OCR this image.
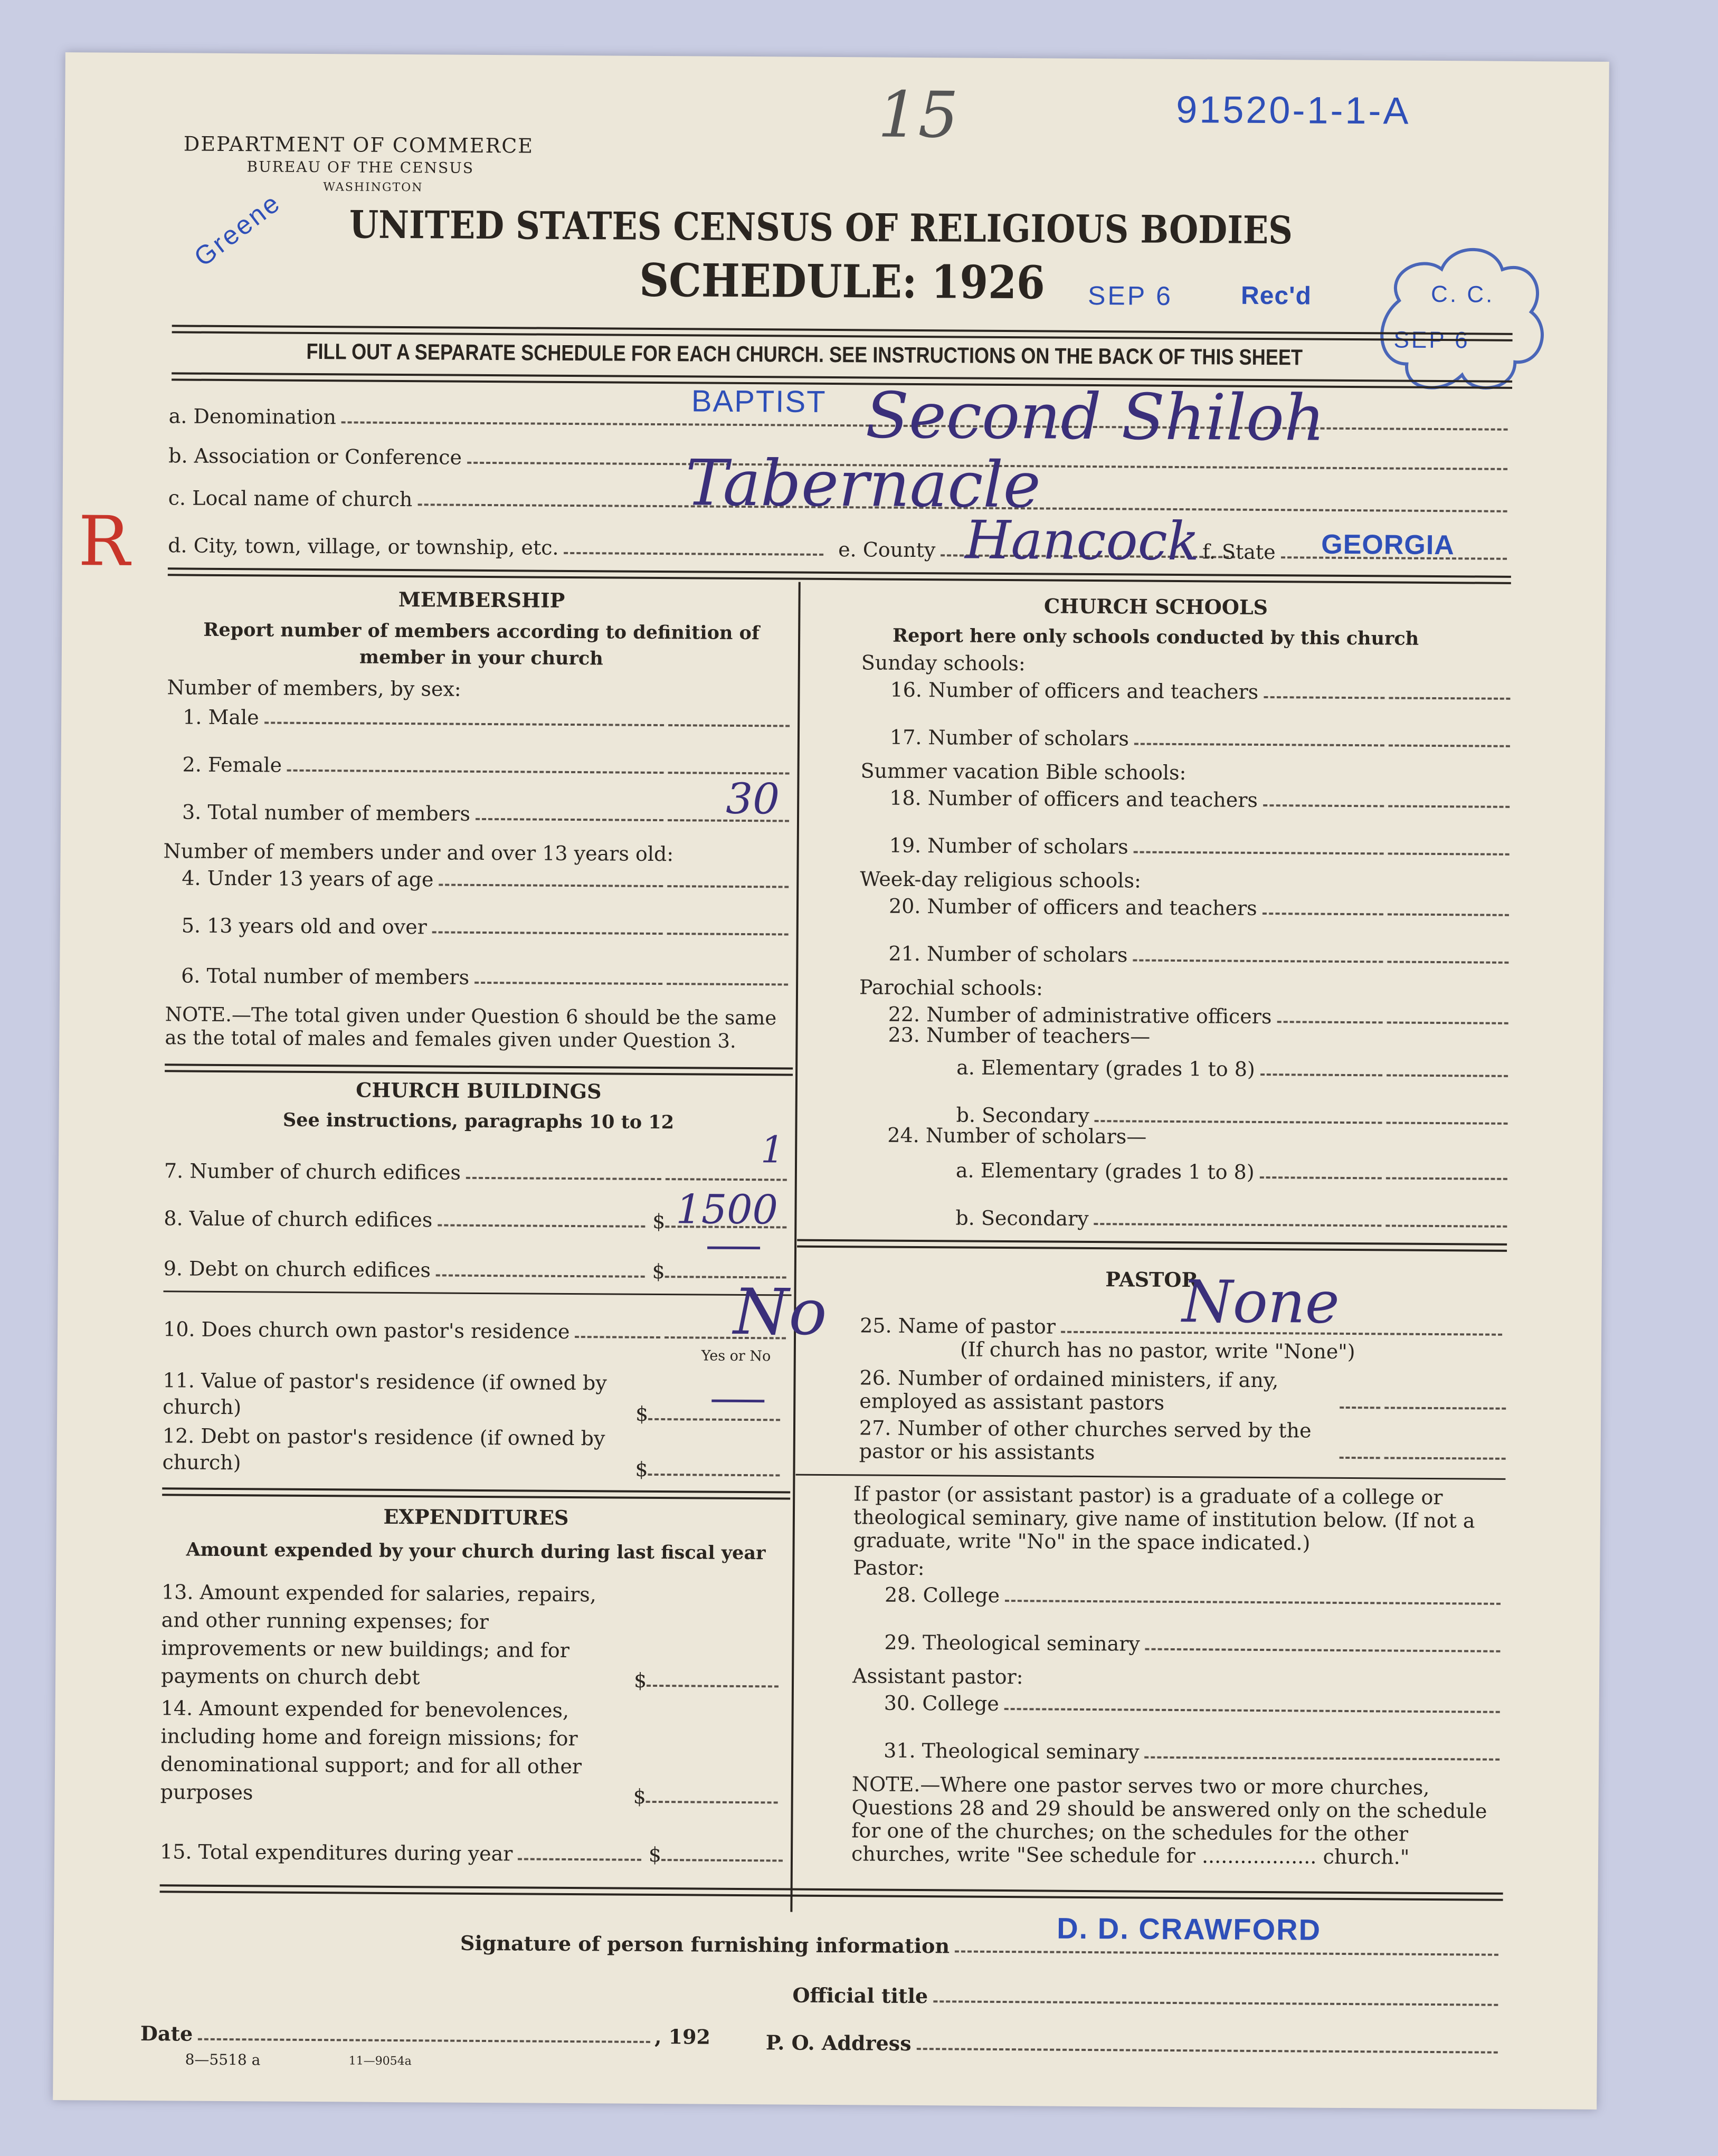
91520-1-1-A
15
DEPARTMENT OF COMMERCE
BUREAU OF THE CENSUS
WASHINGTON
Greene UNITED STATES CENSUS OF RELIGIOUS BODIES
SCHEDULE: 1926 SEP 6	Rec'd	C. C.
SEP 6
FILL OUT A SEPARATE SCHEDULE FOR EACH CHURCH. SEE INSTRUCTIONS ON THE BACK OF THIS SHEET
a. Denomination	BAPTIST Second Shiloh
b. Association or Conference
c. Local name of church	Tabernacle
R d. City, town, village, or township, etc.	e. County Hancock f. State GEORGIA
MEMBERSHIP
Report number of members according to definition of member in your church
Number of members, by sex:
1. Male
2. Female
3. Total number of members	30
Number of members under and over 13 years old:
4. Under 13 years of age
5. 13 years old and over
6. Total number of members
NOTE.—The total given under Question 6 should be the same as the total of males and females given under Question 3.
CHURCH BUILDINGS
See instructions, paragraphs 10 to 12
7. Number of church edifices
1
8. Value of church edifices	$ 1500
9. Debt on church edifices	$
10. Does church own pastor's residence	No
Yes or No
11. Value of pastor's residence (if owned by church)	$
12. Debt on pastor's residence (if owned by church)	$
EXPENDITURES
Amount expended by your church during last fiscal year
13. Amount expended for salaries, repairs, and other running expenses; for improvements or new buildings; and for payments on church debt	$
14. Amount expended for benevolences, including home and foreign missions; for denominational support; and for all other purposes	$
15. Total expenditures during year	$
CHURCH SCHOOLS
Report here only schools conducted by this church
Sunday schools:
16. Number of officers and teachers
17. Number of scholars
Summer vacation Bible schools:
18. Number of officers and teachers
19. Number of scholars
Week-day religious schools:
20. Number of officers and teachers
21. Number of scholars
Parochial schools:
22. Number of administrative officers
23. Number of teachers—
a. Elementary (grades 1 to 8)
b. Secondary
24. Number of scholars—
a. Elementary (grades 1 to 8)
b. Secondary
PASTOR
25. Name of pastor None
(If church has no pastor, write "None")
26. Number of ordained ministers, if any, employed as assistant pastors
27. Number of other churches served by the pastor or his assistants
If pastor (or assistant pastor) is a graduate of a college or theological seminary, give name of institution below. (If not a graduate, write "No" in the space indicated.)
Pastor:
28. College
29. Theological seminary
Assistant pastor:
30. College
31. Theological seminary
NOTE.—Where one pastor serves two or more churches, Questions 28 and 29 should be answered only on the schedule for one of the churches; on the schedules for the other churches, write "See schedule for .................. church."
Signature of person furnishing information	D. D. CRAWFORD
Official title
Date	, 192	P. O. Address
8—5518 a	11—9054a
